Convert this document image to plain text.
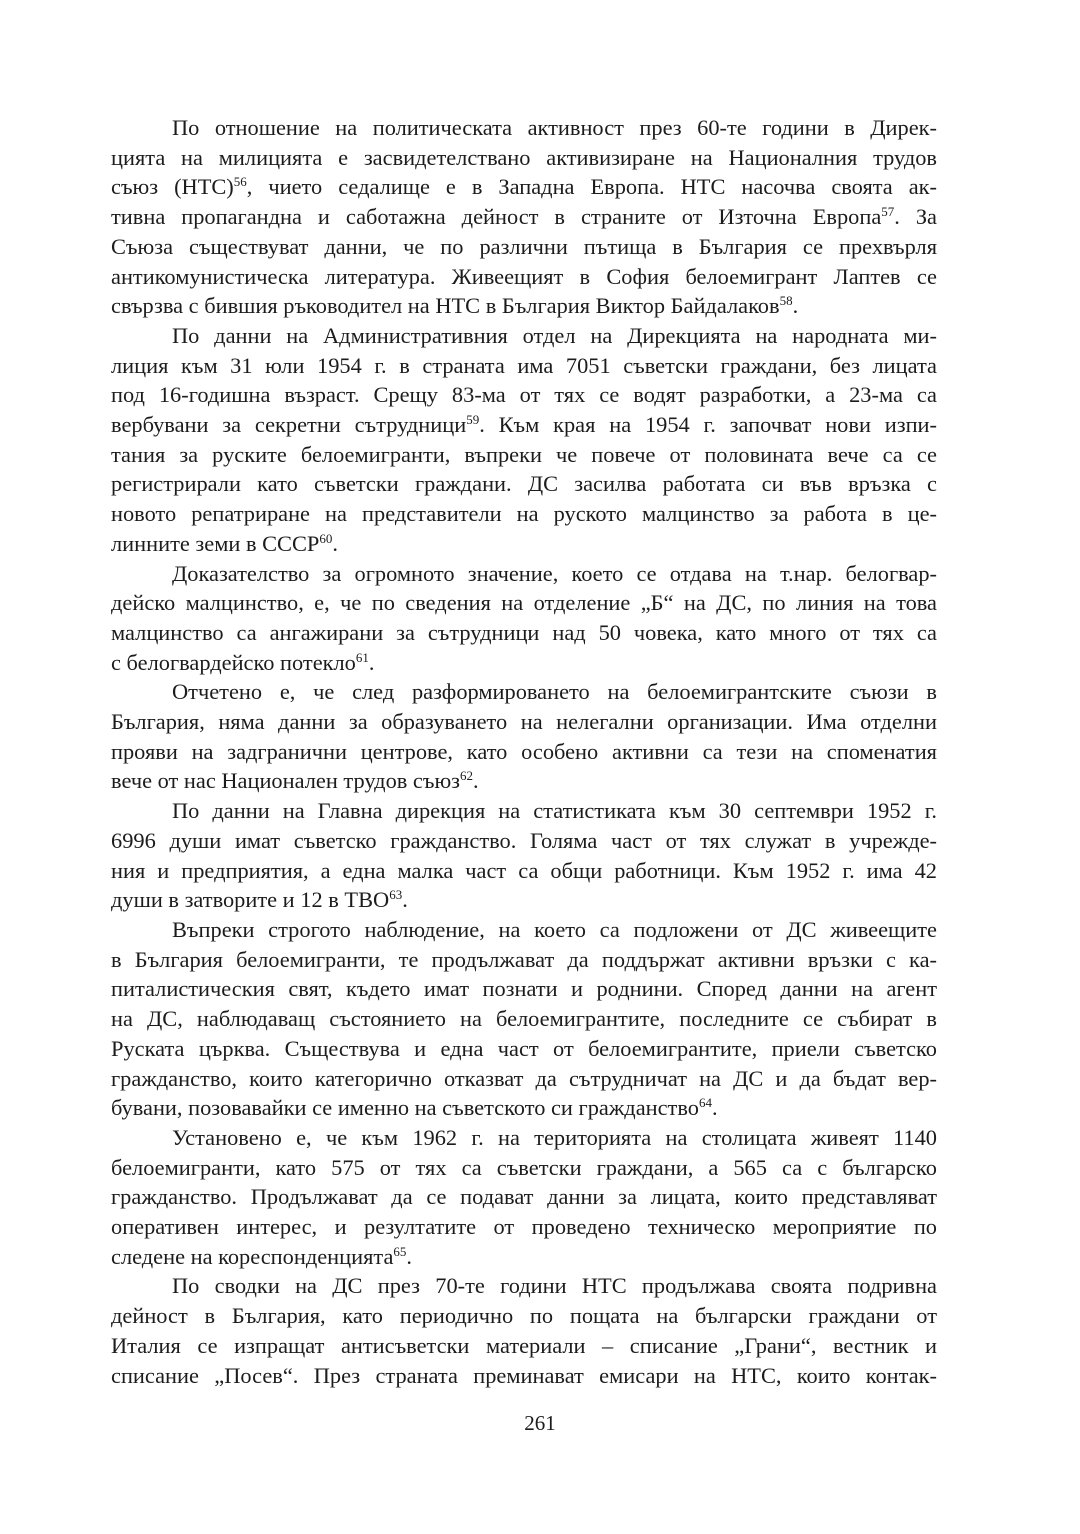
По отношение на политическата активност през 60-те години в Дирек-
цията на милицията е засвидетелствано активизиране на Националния трудов
съюз (НТС)$^{56}$, чието седалище е в Западна Европа. НТС насочва своята ак-
тивна пропагандна и саботажна дейност в страните от Източна Европа$^{57}$. За
Съюза съществуват данни, че по различни пътища в България се прехвърля
антикомунистическа литература. Живеещият в София белоемигрант Лаптев се
свързва с бившия ръководител на НТС в България Виктор Байдалаков$^{58}$.
По данни на Административния отдел на Дирекцията на народната ми-
лиция към 31 юли 1954 г. в страната има 7051 съветски граждани, без лицата
под 16-годишна възраст. Срещу 83-ма от тях се водят разработки, а 23-ма са
вербувани за секретни сътрудници$^{59}$. Към края на 1954 г. започват нови изпи-
тания за руските белоемигранти, въпреки че повече от половината вече са се
регистрирали като съветски граждани. ДС засилва работата си във връзка с
новото репатриране на представители на руското малцинство за работа в це-
линните земи в СССР$^{60}$.
Доказателство за огромното значение, което се отдава на т.нар. белогвар-
дейско малцинство, е, че по сведения на отделение „Б“ на ДС, по линия на това
малцинство са ангажирани за сътрудници над 50 човека, като много от тях са
с белогвардейско потекло$^{61}$.
Отчетено е, че след разформироването на белоемигрантските съюзи в
България, няма данни за образуването на нелегални организации. Има отделни
прояви на задгранични центрове, като особено активни са тези на споменатия
вече от нас Национален трудов съюз$^{62}$.
По данни на Главна дирекция на статистиката към 30 септември 1952 г.
6996 души имат съветско гражданство. Голяма част от тях служат в учрежде-
ния и предприятия, а една малка част са общи работници. Към 1952 г. има 42
души в затворите и 12 в ТВО$^{63}$.
Въпреки строгото наблюдение, на което са подложени от ДС живеещите
в България белоемигранти, те продължават да поддържат активни връзки с ка-
питалистическия свят, където имат познати и роднини. Според данни на агент
на ДС, наблюдаващ състоянието на белоемигрантите, последните се събират в
Руската църква. Съществува и една част от белоемигрантите, приели съветско
гражданство, които категорично отказват да сътрудничат на ДС и да бъдат вер-
бувани, позовавайки се именно на съветското си гражданство$^{64}$.
Установено е, че към 1962 г. на територията на столицата живеят 1140
белоемигранти, като 575 от тях са съветски граждани, а 565 са с българско
гражданство. Продължават да се подават данни за лицата, които представляват
оперативен интерес, и резултатите от проведено техническо мероприятие по
следене на кореспонденцията$^{65}$.
По сводки на ДС през 70-те години НТС продължава своята подривна
дейност в България, като периодично по пощата на български граждани от
Италия се изпращат антисъветски материали – списание „Грани“, вестник и
списание „Посев“. През страната преминават емисари на НТС, които контак-
261
